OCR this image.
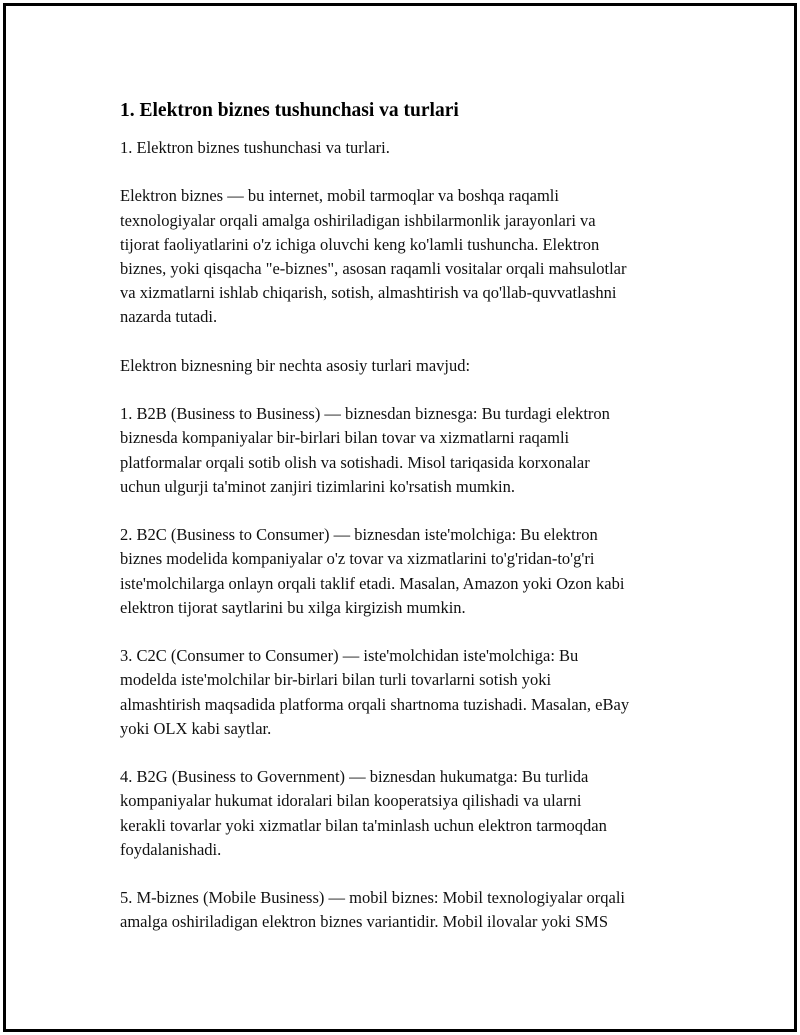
1. Elektron biznes tushunchasi va turlari

1. Elektron biznes tushunchasi va turlari.

Elektron biznes — bu internet, mobil tarmoqlar va boshqa raqamli
texnologiyalar orqali amalga oshiriladigan ishbilarmonlik jarayonlari va
tijorat faoliyatlarini o'z ichiga oluvchi keng ko'lamli tushuncha. Elektron
biznes, yoki qisqacha "e-biznes", asosan raqamli vositalar orqali mahsulotlar
va xizmatlarni ishlab chiqarish, sotish, almashtirish va qo'llab-quvvatlashni
nazarda tutadi.

Elektron biznesning bir nechta asosiy turlari mavjud:

1. B2B (Business to Business) — biznesdan biznesga: Bu turdagi elektron
biznesda kompaniyalar bir-birlari bilan tovar va xizmatlarni raqamli
platformalar orqali sotib olish va sotishadi. Misol tariqasida korxonalar
uchun ulgurji ta'minot zanjiri tizimlarini ko'rsatish mumkin.

2. B2C (Business to Consumer) — biznesdan iste'molchiga: Bu elektron
biznes modelida kompaniyalar o'z tovar va xizmatlarini to'g'ridan-to'g'ri
iste'molchilarga onlayn orqali taklif etadi. Masalan, Amazon yoki Ozon kabi
elektron tijorat saytlarini bu xilga kirgizish mumkin.

3. C2C (Consumer to Consumer) — iste'molchidan iste'molchiga: Bu
modelda iste'molchilar bir-birlari bilan turli tovarlarni sotish yoki
almashtirish maqsadida platforma orqali shartnoma tuzishadi. Masalan, eBay
yoki OLX kabi saytlar.

4. B2G (Business to Government) — biznesdan hukumatga: Bu turlida
kompaniyalar hukumat idoralari bilan kooperatsiya qilishadi va ularni
kerakli tovarlar yoki xizmatlar bilan ta'minlash uchun elektron tarmoqdan
foydalanishadi.

5. M-biznes (Mobile Business) — mobil biznes: Mobil texnologiyalar orqali
amalga oshiriladigan elektron biznes variantidir. Mobil ilovalar yoki SMS
